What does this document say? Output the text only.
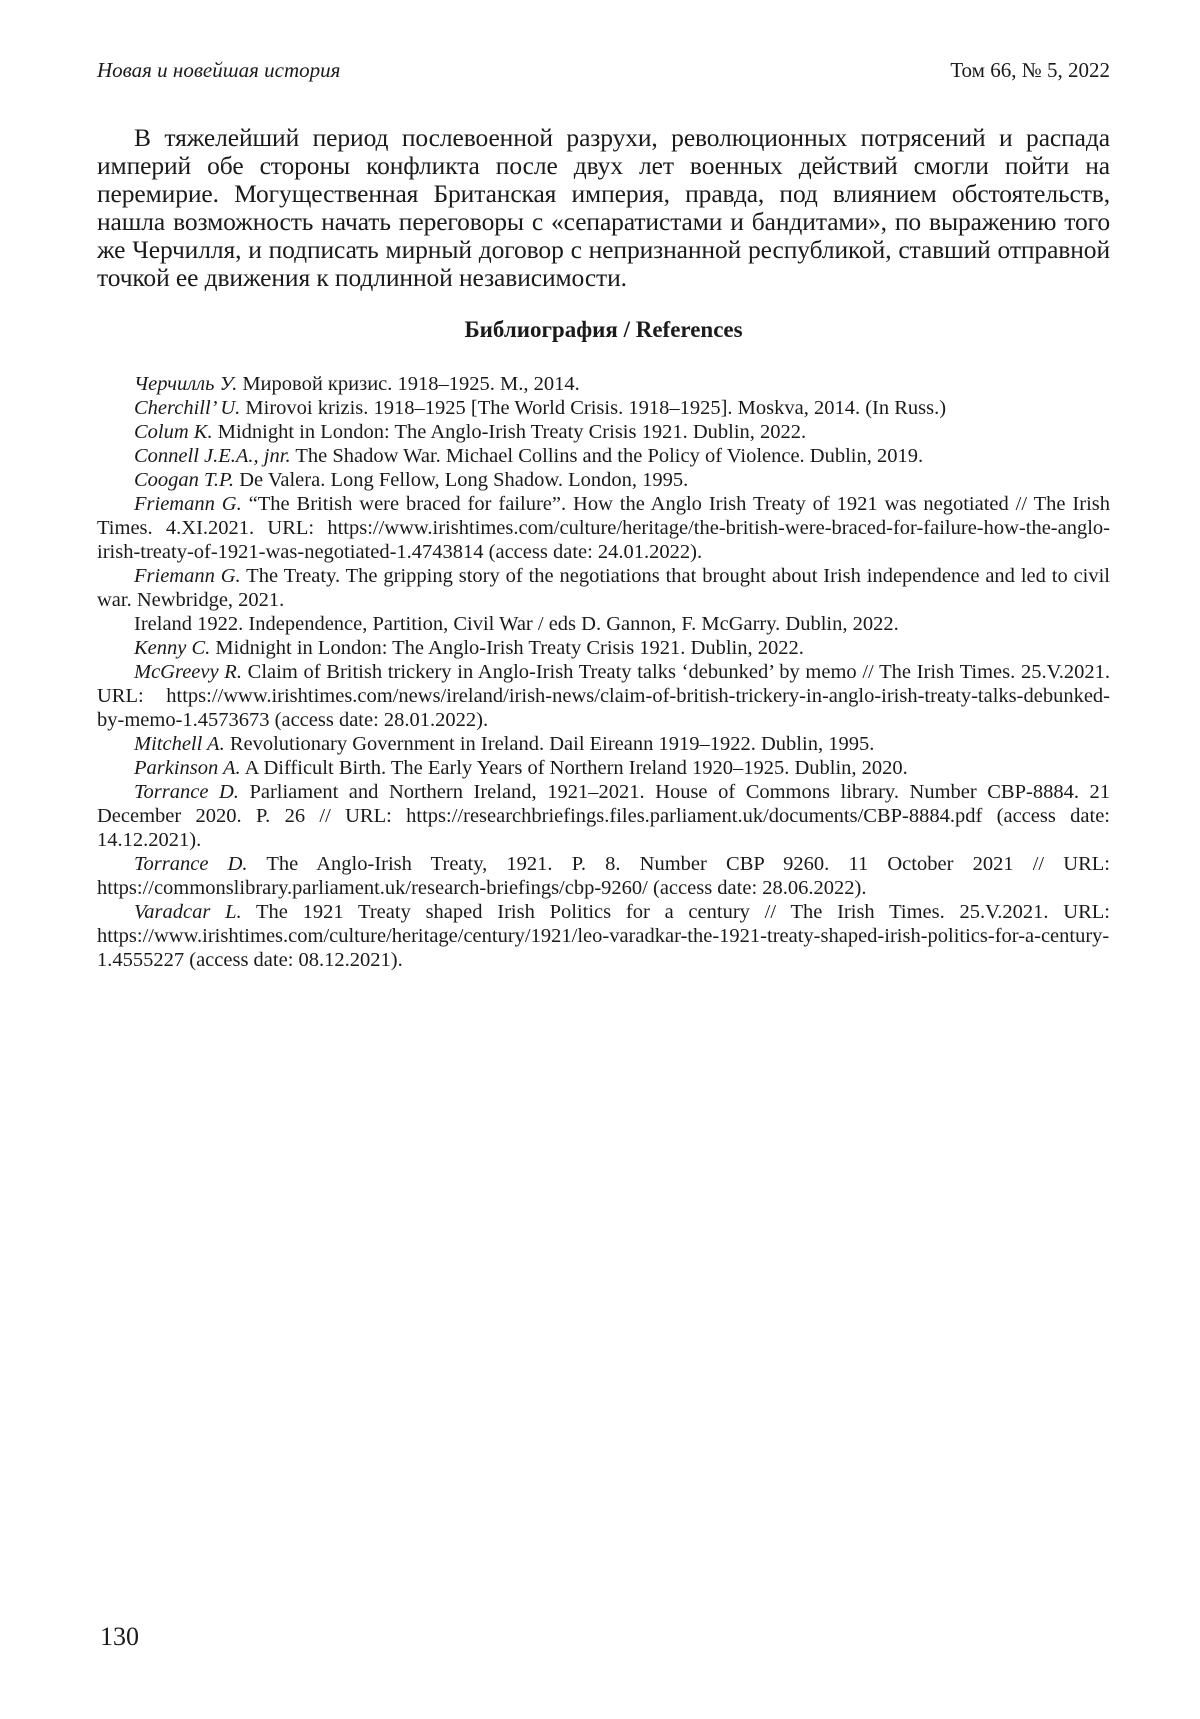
Новая и новейшая история	Том 66, № 5, 2022

В тяжелейший период послевоенной разрухи, революционных потрясений и распада империй обе стороны конфликта после двух лет военных действий смогли пойти на перемирие. Могущественная Британская империя, правда, под влиянием обстоятельств, нашла возможность начать переговоры с «сепаратистами и бандитами», по выражению того же Черчилля, и подписать мирный договор с непризнанной республикой, ставший отправной точкой ее движения к подлинной независимости.

Библиография / References

Черчилль У. Мировой кризис. 1918–1925. М., 2014.

Cherchill’ U. Mirovoi krizis. 1918–1925 [The World Crisis. 1918–1925]. Moskva, 2014. (In Russ.)

Colum K. Midnight in London: The Anglo-Irish Treaty Crisis 1921. Dublin, 2022.

Connell J.E.A., jnr. The Shadow War. Michael Collins and the Policy of Violence. Dublin, 2019.

Coogan T.P. De Valera. Long Fellow, Long Shadow. London, 1995.

Friemann G. “The British were braced for failure”. How the Anglo Irish Treaty of 1921 was negotiated // The Irish Times. 4.XI.2021. URL: https://www.irishtimes.com/culture/heritage/the-british-were-braced-for-failure-how-the-anglo-irish-treaty-of-1921-was-negotiated-1.4743814 (access date: 24.01.2022).

Friemann G. The Treaty. The gripping story of the negotiations that brought about Irish independence and led to civil war. Newbridge, 2021.

Ireland 1922. Independence, Partition, Civil War / eds D. Gannon, F. McGarry. Dublin, 2022.

Kenny C. Midnight in London: The Anglo-Irish Treaty Crisis 1921. Dublin, 2022.

McGreevy R. Claim of British trickery in Anglo-Irish Treaty talks ‘debunked’ by memo // The Irish Times. 25.V.2021. URL: https://www.irishtimes.com/news/ireland/irish-news/claim-of-british-trickery-in-anglo-irish-treaty-talks-debunked-by-memo-1.4573673 (access date: 28.01.2022).

Mitchell A. Revolutionary Government in Ireland. Dail Eireann 1919–1922. Dublin, 1995.

Parkinson A. A Difficult Birth. The Early Years of Northern Ireland 1920–1925. Dublin, 2020.

Torrance D. Parliament and Northern Ireland, 1921–2021. House of Commons library. Number CBP-8884. 21 December 2020. P. 26 // URL: https://researchbriefings.files.parliament.uk/documents/CBP-8884.pdf (access date: 14.12.2021).

Torrance D. The Anglo-Irish Treaty, 1921. P. 8. Number CBP 9260. 11 October 2021 // URL: https://commonslibrary.parliament.uk/research-briefings/cbp-9260/ (access date: 28.06.2022).

Varadcar L. The 1921 Treaty shaped Irish Politics for a century // The Irish Times. 25.V.2021. URL: https://www.irishtimes.com/culture/heritage/century/1921/leo-varadkar-the-1921-treaty-shaped-irish-politics-for-a-century-1.4555227 (access date: 08.12.2021).

130
